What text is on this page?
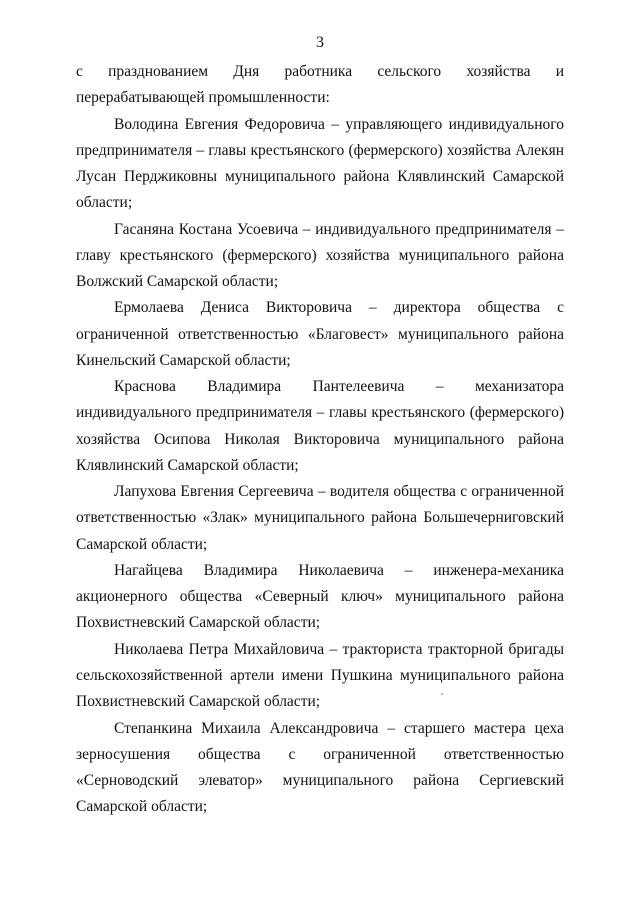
3

с празднованием Дня работника сельского хозяйства и перерабатывающей промышленности:

Володина Евгения Федоровича – управляющего индивидуального предпринимателя – главы крестьянского (фермерского) хозяйства Алекян Лусан Перджиковны муниципального района Клявлинский Самарской области;

Гасаняна Костана Усоевича – индивидуального предпринимателя – главу крестьянского (фермерского) хозяйства муниципального района Волжский Самарской области;

Ермолаева Дениса Викторовича – директора общества с ограниченной ответственностью «Благовест» муниципального района Кинельский Самарской области;

Краснова Владимира Пантелеевича – механизатора индивидуального предпринимателя – главы крестьянского (фермерского) хозяйства Осипова Николая Викторовича муниципального района Клявлинский Самарской области;

Лапухова Евгения Сергеевича – водителя общества с ограниченной ответственностью «Злак» муниципального района Большечерниговский Самарской области;

Нагайцева Владимира Николаевича – инженера-механика акционерного общества «Северный ключ» муниципального района Похвистневский Самарской области;

Николаева Петра Михайловича – тракториста тракторной бригады сельскохозяйственной артели имени Пушкина муниципального района Похвистневский Самарской области;

Степанкина Михаила Александровича – старшего мастера цеха зерносушения общества с ограниченной ответственностью «Серноводский элеватор» муниципального района Сергиевский Самарской области;
